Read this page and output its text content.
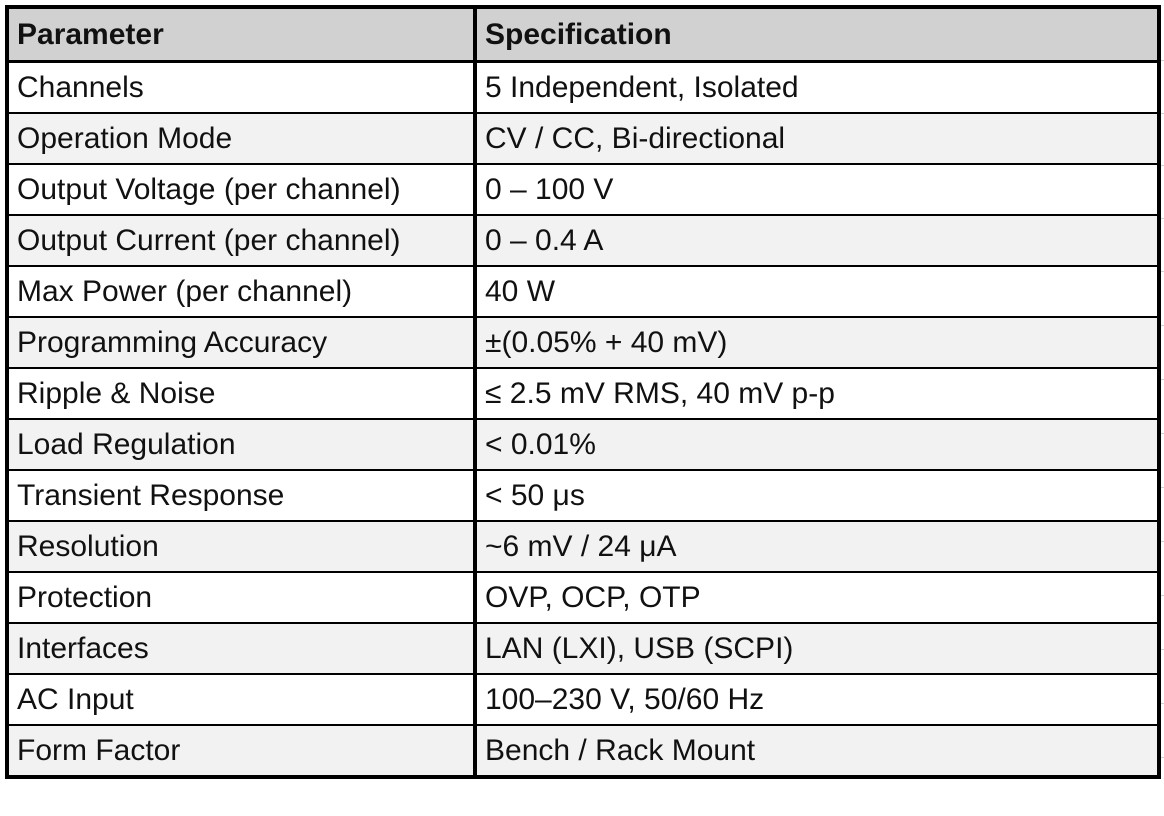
Parameter	Specification
Channels	5 Independent, Isolated
Operation Mode	CV / CC, Bi-directional
Output Voltage (per channel)	0 – 100 V
Output Current (per channel)	0 – 0.4 A
Max Power (per channel)	40 W
Programming Accuracy	±(0.05% + 40 mV)
Ripple & Noise	≤ 2.5 mV RMS, 40 mV p-p
Load Regulation	< 0.01%
Transient Response	< 50 μs
Resolution	~6 mV / 24 μA
Protection	OVP, OCP, OTP
Interfaces	LAN (LXI), USB (SCPI)
AC Input	100–230 V, 50/60 Hz
Form Factor	Bench / Rack Mount
